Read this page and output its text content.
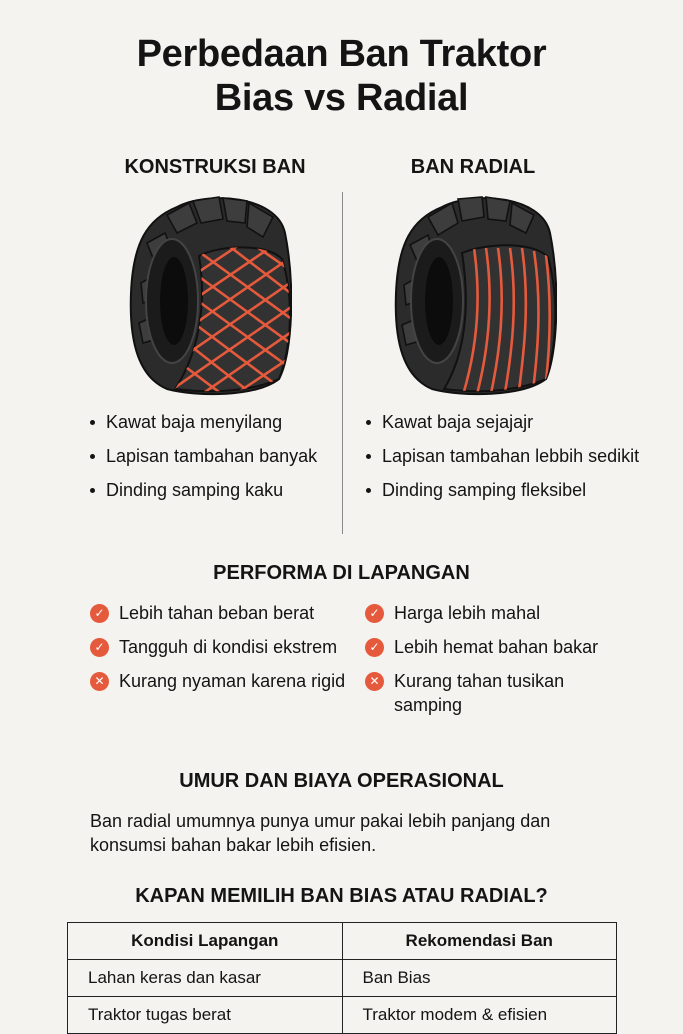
Perbedaan Ban Traktor
Bias vs Radial
KONSTRUKSI BAN	BAN RADIAL
Kawat baja menyilang
Lapisan tambahan banyak
Dinding samping kaku
Kawat baja sejajajr
Lapisan tambahan lebbih sedikit
Dinding samping fleksibel
PERFORMA DI LAPANGAN
✓ Lebih tahan beban berat
✓ Tangguh di kondisi ekstrem
✕ Kurang nyaman karena rigid
✓ Harga lebih mahal
✓ Lebih hemat bahan bakar
✕ Kurang tahan tusikan samping
UMUR DAN BIAYA OPERASIONAL
Ban radial umumnya punya umur pakai lebih panjang dan konsumsi bahan bakar lebih efisien.
KAPAN MEMILIH BAN BIAS ATAU RADIAL?
Kondisi Lapangan	Rekomendasi Ban
Lahan keras dan kasar	Ban Bias
Traktor tugas berat	Traktor modem & efisien
